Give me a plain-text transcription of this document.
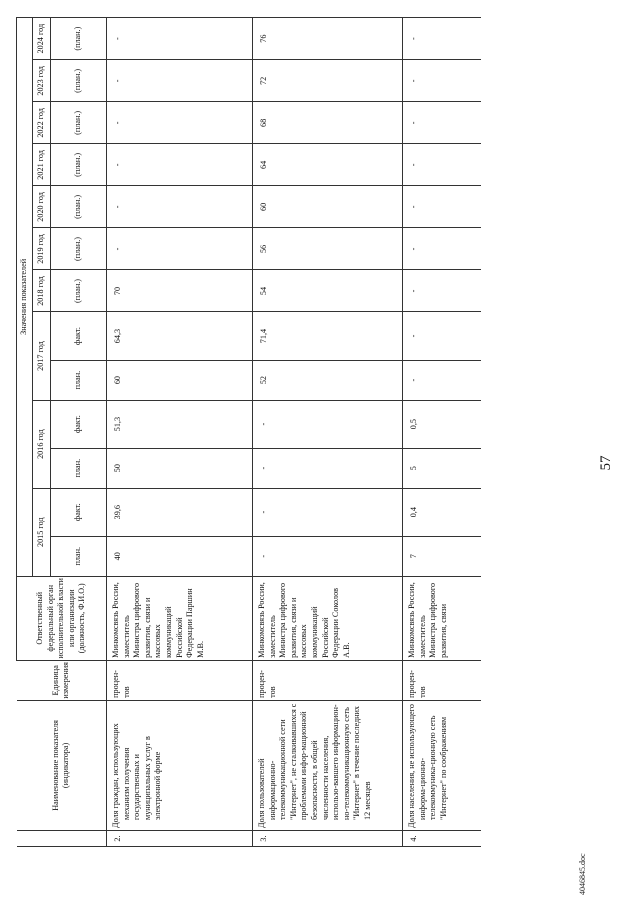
	Наименование показателя (индикатора)	Единица измерения	Ответственный федеральный орган исполнительной власти или организации (должность, Ф.И.О.)	Значения показателей												
				2015 год		2016 год		2017 год		2018 год	2019 год	2020 год	2021 год	2022 год	2023 год	2024 год
				план.	факт.	план.	факт.	план.	факт.	(план.)	(план.)	(план.)	(план.)	(план.)	(план.)	(план.)
2.	Доля граждан, использующих механизм получения государственных и муниципальных услуг в электронной форме	процен-тов	Минкомсвязь России, заместитель Министра цифрового развития, связи и массовых коммуникаций Российской Федерации Паршин М.В.	40	39,6	50	51,3	60	64,3	70	-	-	-	-	-	-
3.	Доля пользователей информационно-телекоммуникационной сети "Интернет", не сталкивавшихся с проблемами инфор-мационной безопасности, в общей численности населения, использо-вавшего информацион-но-телекоммуникационную сеть "Интернет" в течение последних 12 месяцев	процен-тов	Минкомсвязь России, заместитель Министра цифрового развития, связи и массовых коммуникаций Российской Федерации Соколов А.В.	-	-	-	-	52	71,4	54	56	60	64	68	72	76
4.	Доля населения, не использующего информа-ционно-телекоммуника-ционную сеть "Интернет" по соображениям	процен-тов	Минкомсвязь России, заместитель Министра цифрового развития, связи	7	0,4	5	0,5	-	-	-	-	-	-	-	-	-
57
4046845.doc
